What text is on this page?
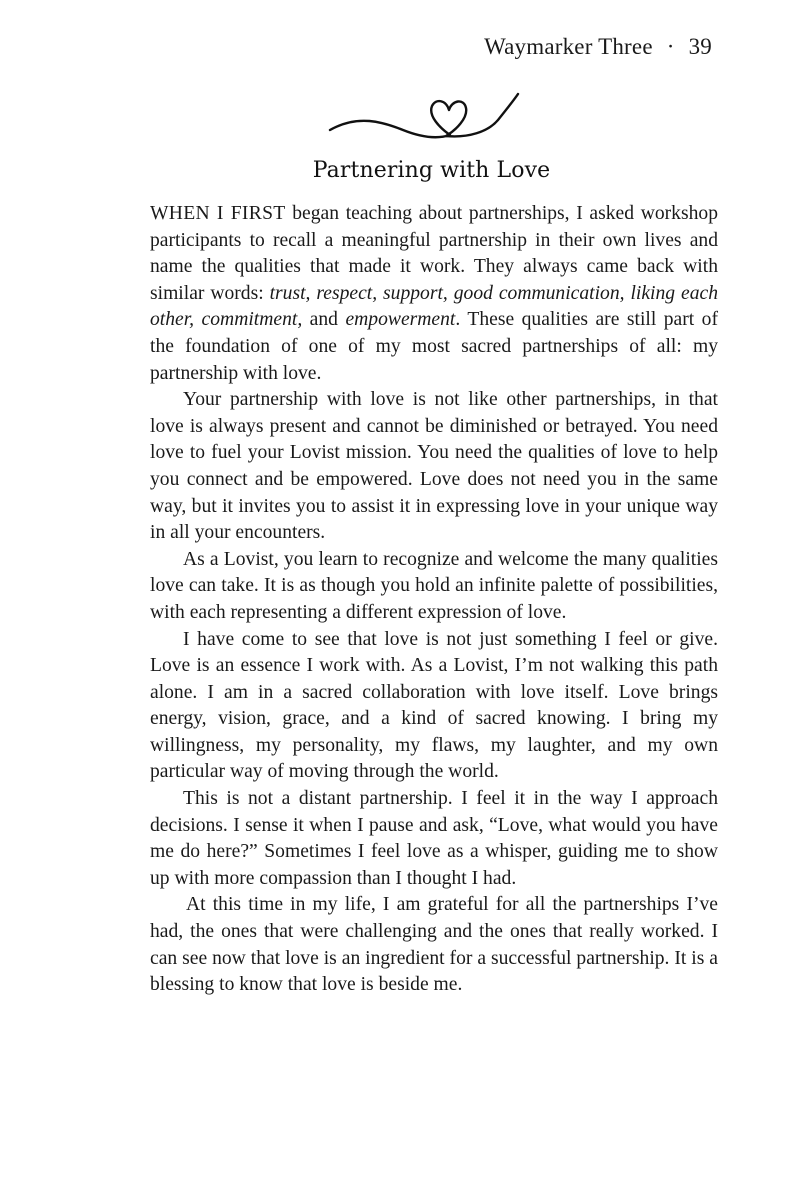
Waymarker Three · 39
Partnering with Love

WHEN I FIRST began teaching about partnerships, I asked workshop participants to recall a meaningful partnership in their own lives and name the qualities that made it work. They always came back with similar words: trust, respect, support, good communication, liking each other, commitment, and empowerment. These qualities are still part of the foundation of one of my most sacred partnerships of all: my partnership with love.

Your partnership with love is not like other partnerships, in that love is always present and cannot be diminished or betrayed. You need love to fuel your Lovist mission. You need the qualities of love to help you connect and be empowered. Love does not need you in the same way, but it invites you to assist it in expressing love in your unique way in all your encounters.

As a Lovist, you learn to recognize and welcome the many qualities love can take. It is as though you hold an infinite palette of possibilities, with each representing a different expression of love.

I have come to see that love is not just something I feel or give. Love is an essence I work with. As a Lovist, I’m not walking this path alone. I am in a sacred collaboration with love itself. Love brings energy, vision, grace, and a kind of sacred knowing. I bring my willingness, my personality, my flaws, my laughter, and my own particular way of moving through the world.

This is not a distant partnership. I feel it in the way I approach decisions. I sense it when I pause and ask, “Love, what would you have me do here?” Sometimes I feel love as a whisper, guiding me to show up with more compassion than I thought I had.

At this time in my life, I am grateful for all the partnerships I’ve had, the ones that were challenging and the ones that really worked. I can see now that love is an ingredient for a successful partnership. It is a blessing to know that love is beside me.
